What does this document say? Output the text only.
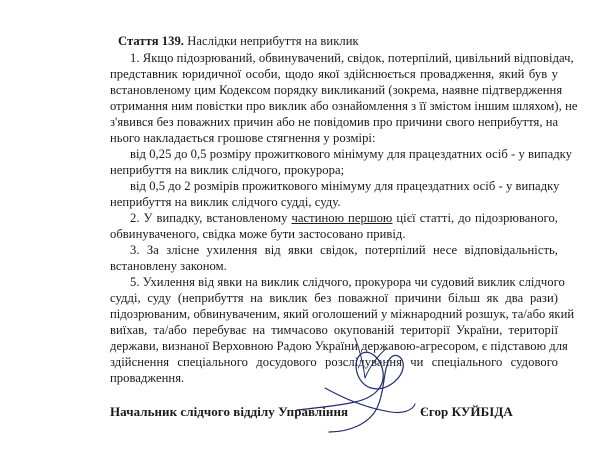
Стаття 139. Наслідки неприбуття на виклик
1. Якщо підозрюваний, обвинувачений, свідок, потерпілий, цивільний відповідач,
представник юридичної особи, щодо якої здійснюється провадження, який був у
встановленому цим Кодексом порядку викликаний (зокрема, наявне підтвердження
отримання ним повістки про виклик або ознайомлення з її змістом іншим шляхом), не
з'явився без поважних причин або не повідомив про причини свого неприбуття, на
нього накладається грошове стягнення у розмірі:
від 0,25 до 0,5 розміру прожиткового мінімуму для працездатних осіб - у випадку
неприбуття на виклик слідчого, прокурора;
від 0,5 до 2 розмірів прожиткового мінімуму для працездатних осіб - у випадку
неприбуття на виклик слідчого судді, суду.
2. У випадку, встановленому частиною першою цієї статті, до підозрюваного,
обвинуваченого, свідка може бути застосовано привід.
3. За злісне ухилення від явки свідок, потерпілий несе відповідальність,
встановлену законом.
5. Ухилення від явки на виклик слідчого, прокурора чи судовий виклик слідчого
судді, суду (неприбуття на виклик без поважної причини більш як два рази)
підозрюваним, обвинуваченим, який оголошений у міжнародний розшук, та/або який
виїхав, та/або перебуває на тимчасово окупованій території України, території
держави, визнаної Верховною Радою України державою-агресором, є підставою для
здійснення спеціального досудового розслідування чи спеціального судового
провадження.
Начальник слідчого відділу Управління	Єгор КУЙБІДА
